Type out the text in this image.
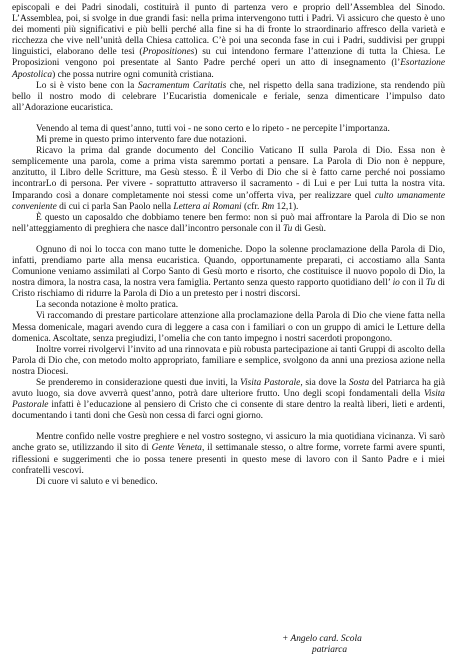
episcopali e dei Padri sinodali, costituirà il punto di partenza vero e proprio dell’Assemblea del Sinodo. L’Assemblea, poi, si svolge in due grandi fasi: nella prima intervengono tutti i Padri. Vi assicuro che questo è uno dei momenti più significativi e più belli perché alla fine si ha di fronte lo straordinario affresco della varietà e ricchezza che vive nell’unità della Chiesa cattolica. C’è poi una seconda fase in cui i Padri, suddivisi per gruppi linguistici, elaborano delle tesi (Propositiones) su cui intendono fermare l’attenzione di tutta la Chiesa. Le Proposizioni vengono poi presentate al Santo Padre perché operi un atto di insegnamento (l’Esortazione Apostolica) che possa nutrire ogni comunità cristiana.

Lo si è visto bene con la Sacramentum Caritatis che, nel rispetto della sana tradizione, sta rendendo più bello il nostro modo di celebrare l’Eucaristia domenicale e feriale, senza dimenticare l’impulso dato all’Adorazione eucaristica.

Venendo al tema di quest’anno, tutti voi - ne sono certo e lo ripeto - ne percepite l’importanza.

Mi preme in questo primo intervento fare due notazioni.

Ricavo la prima dal grande documento del Concilio Vaticano II sulla Parola di Dio. Essa non è semplicemente una parola, come a prima vista saremmo portati a pensare. La Parola di Dio non è neppure, anzitutto, il Libro delle Scritture, ma Gesù stesso. È il Verbo di Dio che si è fatto carne perché noi possiamo incontrarLo di persona. Per vivere - soprattutto attraverso il sacramento - di Lui e per Lui tutta la nostra vita. Imparando così a donare completamente noi stessi come un’offerta viva, per realizzare quel culto umanamente conveniente di cui ci parla San Paolo nella Lettera ai Romani (cfr. Rm 12,1).

È questo un caposaldo che dobbiamo tenere ben fermo: non si può mai affrontare la Parola di Dio se non nell’atteggiamento di preghiera che nasce dall’incontro personale con il Tu di Gesù.

Ognuno di noi lo tocca con mano tutte le domeniche. Dopo la solenne proclamazione della Parola di Dio, infatti, prendiamo parte alla mensa eucaristica. Quando, opportunamente preparati, ci accostiamo alla Santa Comunione veniamo assimilati al Corpo Santo di Gesù morto e risorto, che costituisce il nuovo popolo di Dio, la nostra dimora, la nostra casa, la nostra vera famiglia. Pertanto senza questo rapporto quotidiano dell’ io con il Tu di Cristo rischiamo di ridurre la Parola di Dio a un pretesto per i nostri discorsi.

La seconda notazione è molto pratica.

Vi raccomando di prestare particolare attenzione alla proclamazione della Parola di Dio che viene fatta nella Messa domenicale, magari avendo cura di leggere a casa con i familiari o con un gruppo di amici le Letture della domenica. Ascoltate, senza pregiudizi, l’omelia che con tanto impegno i nostri sacerdoti propongono.

Inoltre vorrei rivolgervi l’invito ad una rinnovata e più robusta partecipazione ai tanti Gruppi di ascolto della Parola di Dio che, con metodo molto appropriato, familiare e semplice, svolgono da anni una preziosa azione nella nostra Diocesi.

Se prenderemo in considerazione questi due inviti, la Visita Pastorale, sia dove la Sosta del Patriarca ha già avuto luogo, sia dove avverrà quest’anno, potrà dare ulteriore frutto. Uno degli scopi fondamentali della Visita Pastorale infatti è l’educazione al pensiero di Cristo che ci consente di stare dentro la realtà liberi, lieti e ardenti, documentando i tanti doni che Gesù non cessa di farci ogni giorno.

Mentre confido nelle vostre preghiere e nel vostro sostegno, vi assicuro la mia quotidiana vicinanza. Vi sarò anche grato se, utilizzando il sito di Gente Veneta, il settimanale stesso, o altre forme, vorrete farmi avere spunti, riflessioni e suggerimenti che io possa tenere presenti in questo mese di lavoro con il Santo Padre e i miei confratelli vescovi.

Di cuore vi saluto e vi benedico.

+ Angelo card. Scola
patriarca
